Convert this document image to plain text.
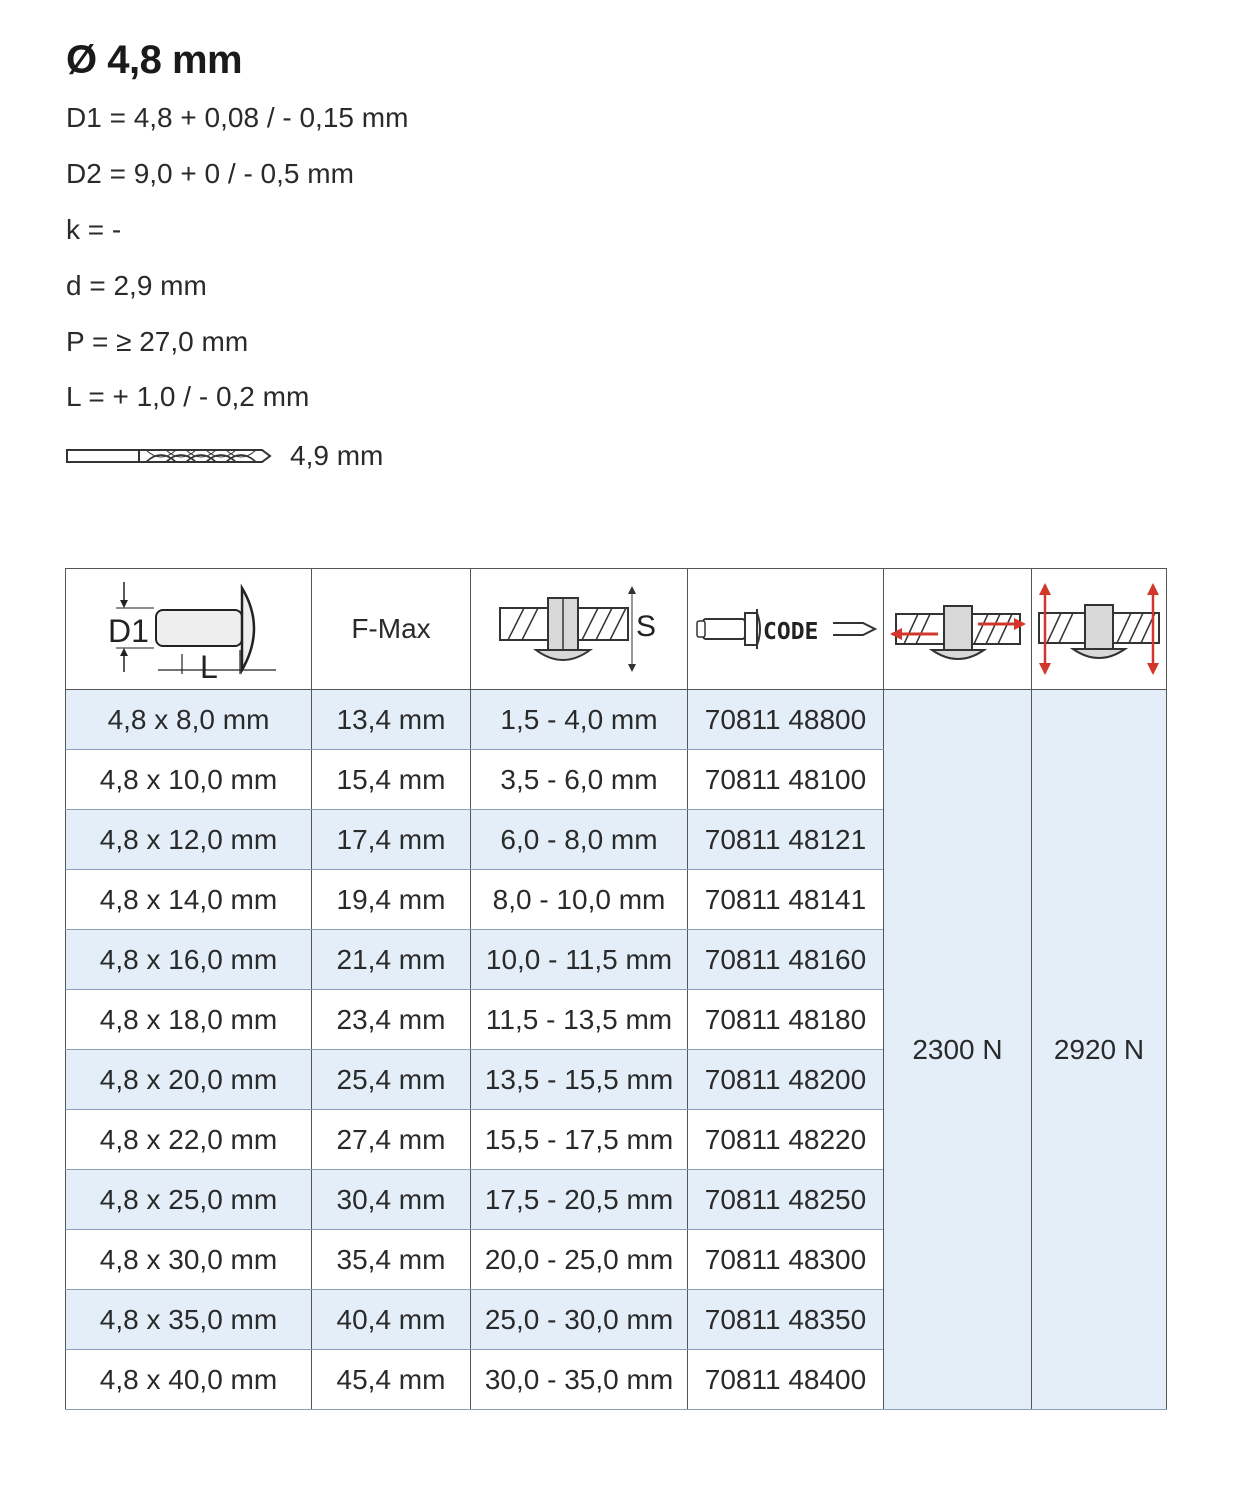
Ø 4,8 mm
D1 = 4,8 + 0,08 / - 0,15 mm
D2 = 9,0 + 0 / - 0,5 mm
k = -
d = 2,9 mm
P = ≥ 27,0 mm
L = + 1,0 / - 0,2 mm
4,9 mm
D1
L	F-Max	S	CODE

4,8 x 8,0 mm	13,4 mm	1,5 - 4,0 mm	70811 48800	2300 N	2920 N
4,8 x 10,0 mm	15,4 mm	3,5 - 6,0 mm	70811 48100		
4,8 x 12,0 mm	17,4 mm	6,0 - 8,0 mm	70811 48121		
4,8 x 14,0 mm	19,4 mm	8,0 - 10,0 mm	70811 48141		
4,8 x 16,0 mm	21,4 mm	10,0 - 11,5 mm	70811 48160		
4,8 x 18,0 mm	23,4 mm	11,5 - 13,5 mm	70811 48180		
4,8 x 20,0 mm	25,4 mm	13,5 - 15,5 mm	70811 48200		
4,8 x 22,0 mm	27,4 mm	15,5 - 17,5 mm	70811 48220		
4,8 x 25,0 mm	30,4 mm	17,5 - 20,5 mm	70811 48250		
4,8 x 30,0 mm	35,4 mm	20,0 - 25,0 mm	70811 48300		
4,8 x 35,0 mm	40,4 mm	25,0 - 30,0 mm	70811 48350		
4,8 x 40,0 mm	45,4 mm	30,0 - 35,0 mm	70811 48400		
